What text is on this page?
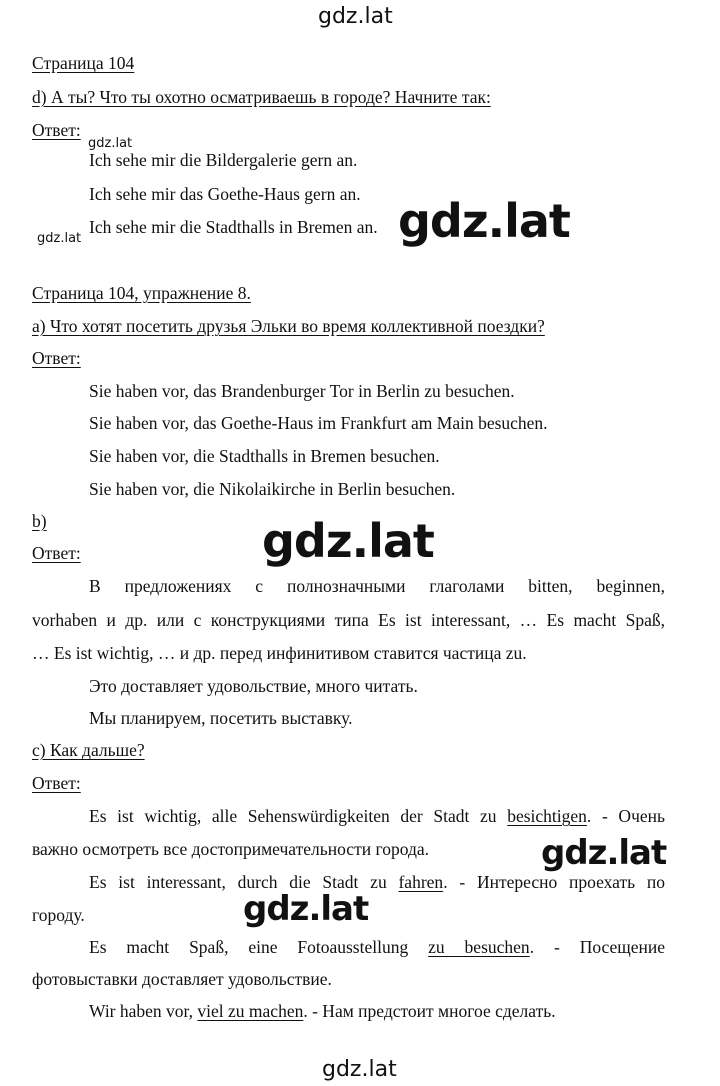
gdz.lat
gdz.lat
gdz.lat	gdz.lat
gdz.lat
gdz.lat
gdz.lat
gdz.lat
Страница 104
d) А ты? Что ты охотно осматриваешь в городе? Начните так:
Ответ:
Ich sehe mir die Bildergalerie gern an.
Ich sehe mir das Goethe-Haus gern an.
Ich sehe mir die Stadthalls in Bremen an.
Страница 104, упражнение 8.
a) Что хотят посетить друзья Эльки во время коллективной поездки?
Ответ:
Sie haben vor, das Brandenburger Tor in Berlin zu besuchen.
Sie haben vor, das Goethe-Haus im Frankfurt am Main besuchen.
Sie haben vor, die Stadthalls in Bremen besuchen.
Sie haben vor, die Nikolaikirche in Berlin besuchen.
b)
Ответ:
В предложениях с полнозначными глаголами bitten, beginnen,
vorhaben и др. или с конструкциями типа Es ist interessant, … Es macht Spaß,
… Es ist wichtig, … и др. перед инфинитивом ставится частица zu.
Это доставляет удовольствие, много читать.
Мы планируем, посетить выставку.
c) Как дальше?
Ответ:
Es ist wichtig, alle Sehenswürdigkeiten der Stadt zu besichtigen. - Очень
важно осмотреть все достопримечательности города.
Es ist interessant, durch die Stadt zu fahren. - Интересно проехать по
городу.
Es macht Spaß, eine Fotoausstellung zu besuchen. - Посещение
фотовыставки доставляет удовольствие.
Wir haben vor, viel zu machen. - Нам предстоит многое сделать.
